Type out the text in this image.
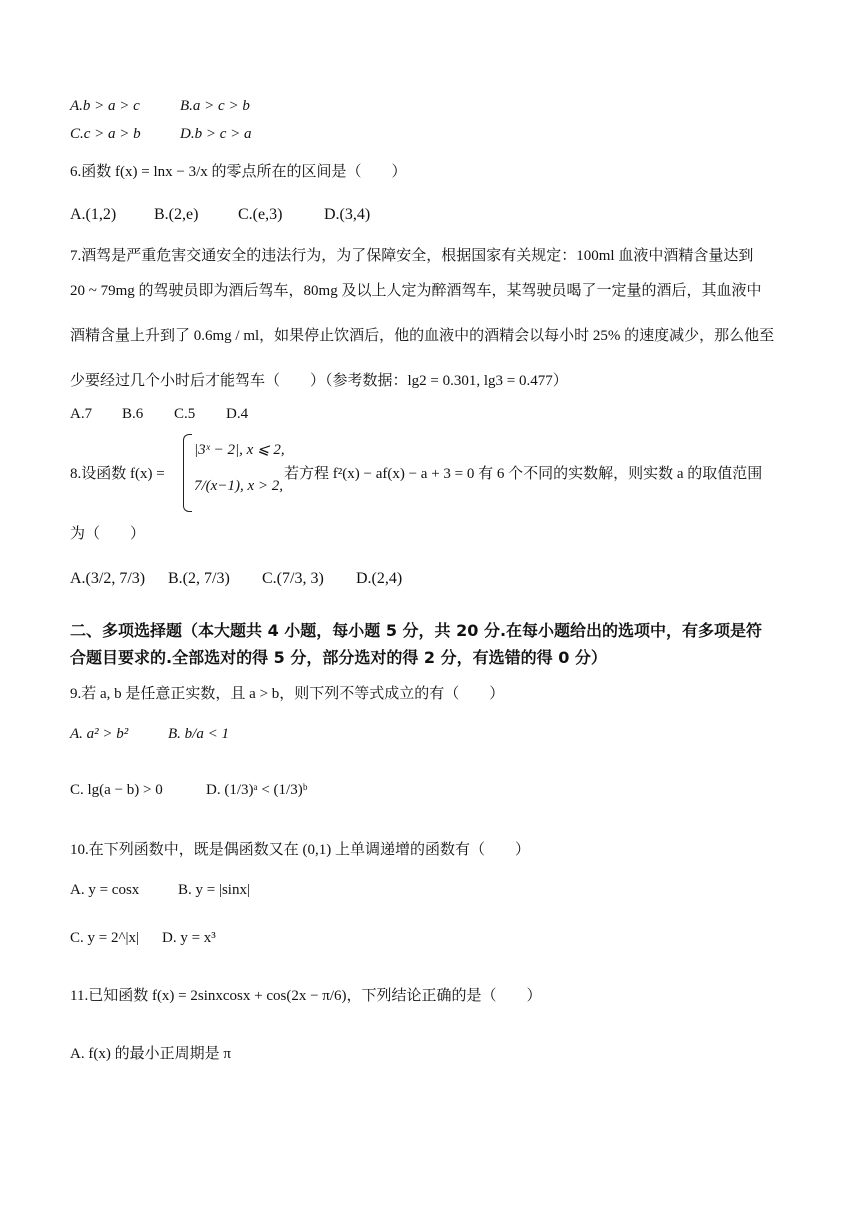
A.b > a > c	B.a > c > b
C.c > a > b	D.b > c > a
6.函数 f(x) = lnx − 3/x 的零点所在的区间是（　　）
A.(1,2) B.(2,e) C.(e,3)	D.(3,4)
7.酒驾是严重危害交通安全的违法行为，为了保障安全，根据国家有关规定：100ml 血液中酒精含量达到
20 ~ 79mg 的驾驶员即为酒后驾车，80mg 及以上人定为醉酒驾车，某驾驶员喝了一定量的酒后，其血液中
酒精含量上升到了 0.6mg / ml，如果停止饮酒后，他的血液中的酒精会以每小时 25% 的速度减少，那么他至
少要经过几个小时后才能驾车（　　）（参考数据：lg2 = 0.301, lg3 = 0.477）
A.7 B.6 C.5 D.4
8.设函数 f(x) =
|3ˣ − 2|, x ⩽ 2,
7/(x−1), x > 2,
若方程 f²(x) − af(x) − a + 3 = 0 有 6 个不同的实数解，则实数 a 的取值范围
为（　　）
A.(3/2, 7/3) B.(2, 7/3) C.(7/3, 3) D.(2,4)
二、多项选择题（本大题共 4 小题，每小题 5 分，共 20 分.在每小题给出的选项中，有多项是符
合题目要求的.全部选对的得 5 分，部分选对的得 2 分，有选错的得 0 分）
9.若 a, b 是任意正实数，且 a > b，则下列不等式成立的有（　　）
A. a² > b²	B. b/a < 1
C. lg(a − b) > 0	D. (1/3)ᵃ < (1/3)ᵇ
10.在下列函数中，既是偶函数又在 (0,1) 上单调递增的函数有（　　）
A. y = cosx	B. y = |sinx|
C. y = 2^|x| D. y = x³
11.已知函数 f(x) = 2sinxcosx + cos(2x − π/6)，下列结论正确的是（　　）
A. f(x) 的最小正周期是 π
